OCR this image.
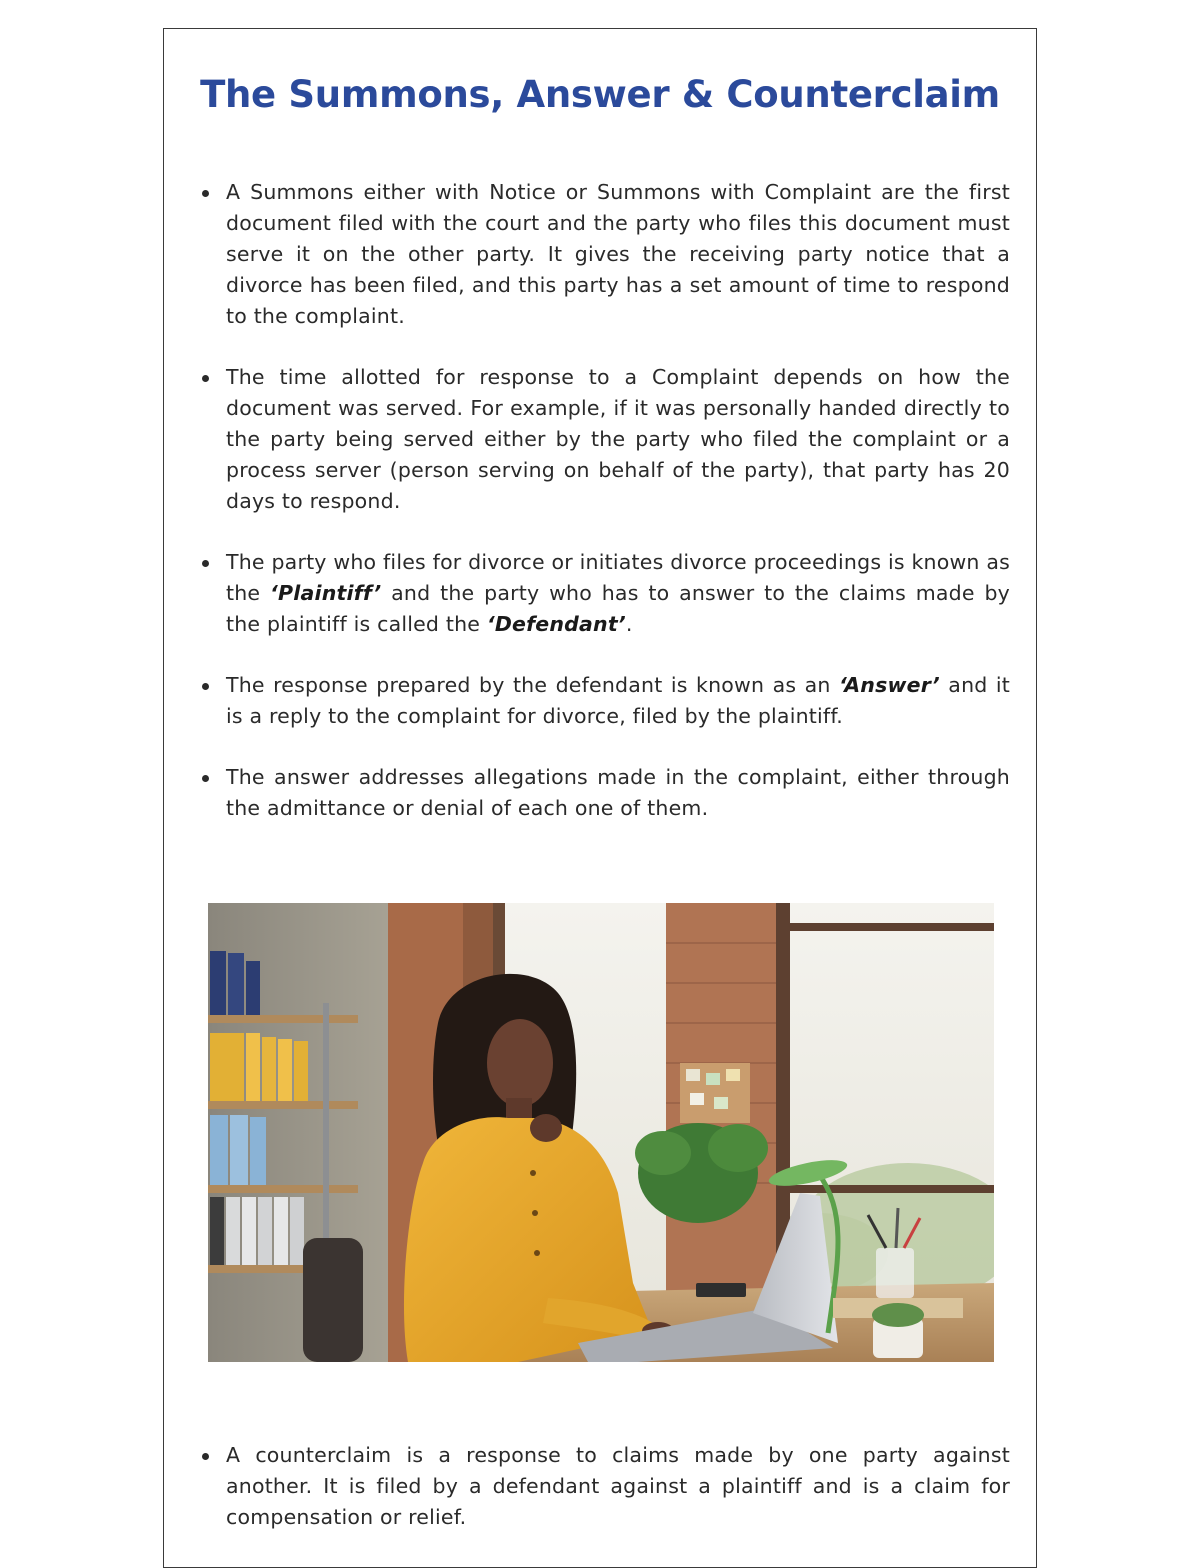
The Summons, Answer & Counterclaim
A Summons either with Notice or Summons with Complaint are the first document filed with the court and the party who files this document must serve it on the other party. It gives the receiving party notice that a divorce has been filed, and this party has a set amount of time to respond to the complaint.
The time allotted for response to a Complaint depends on how the document was served. For example, if it was personally handed directly to the party being served either by the party who filed the complaint or a process server (person serving on behalf of the party), that party has 20 days to respond.
The party who files for divorce or initiates divorce proceedings is known as the ‘Plaintiff’ and the party who has to answer to the claims made by the plaintiff is called the ‘Defendant’.
The response prepared by the defendant is known as an ‘Answer’ and it is a reply to the complaint for divorce, filed by the plaintiff.
The answer addresses allegations made in the complaint, either through the admittance or denial of each one of them.
A counterclaim is a response to claims made by one party against another. It is filed by a defendant against a plaintiff and is a claim for compensation or relief.
